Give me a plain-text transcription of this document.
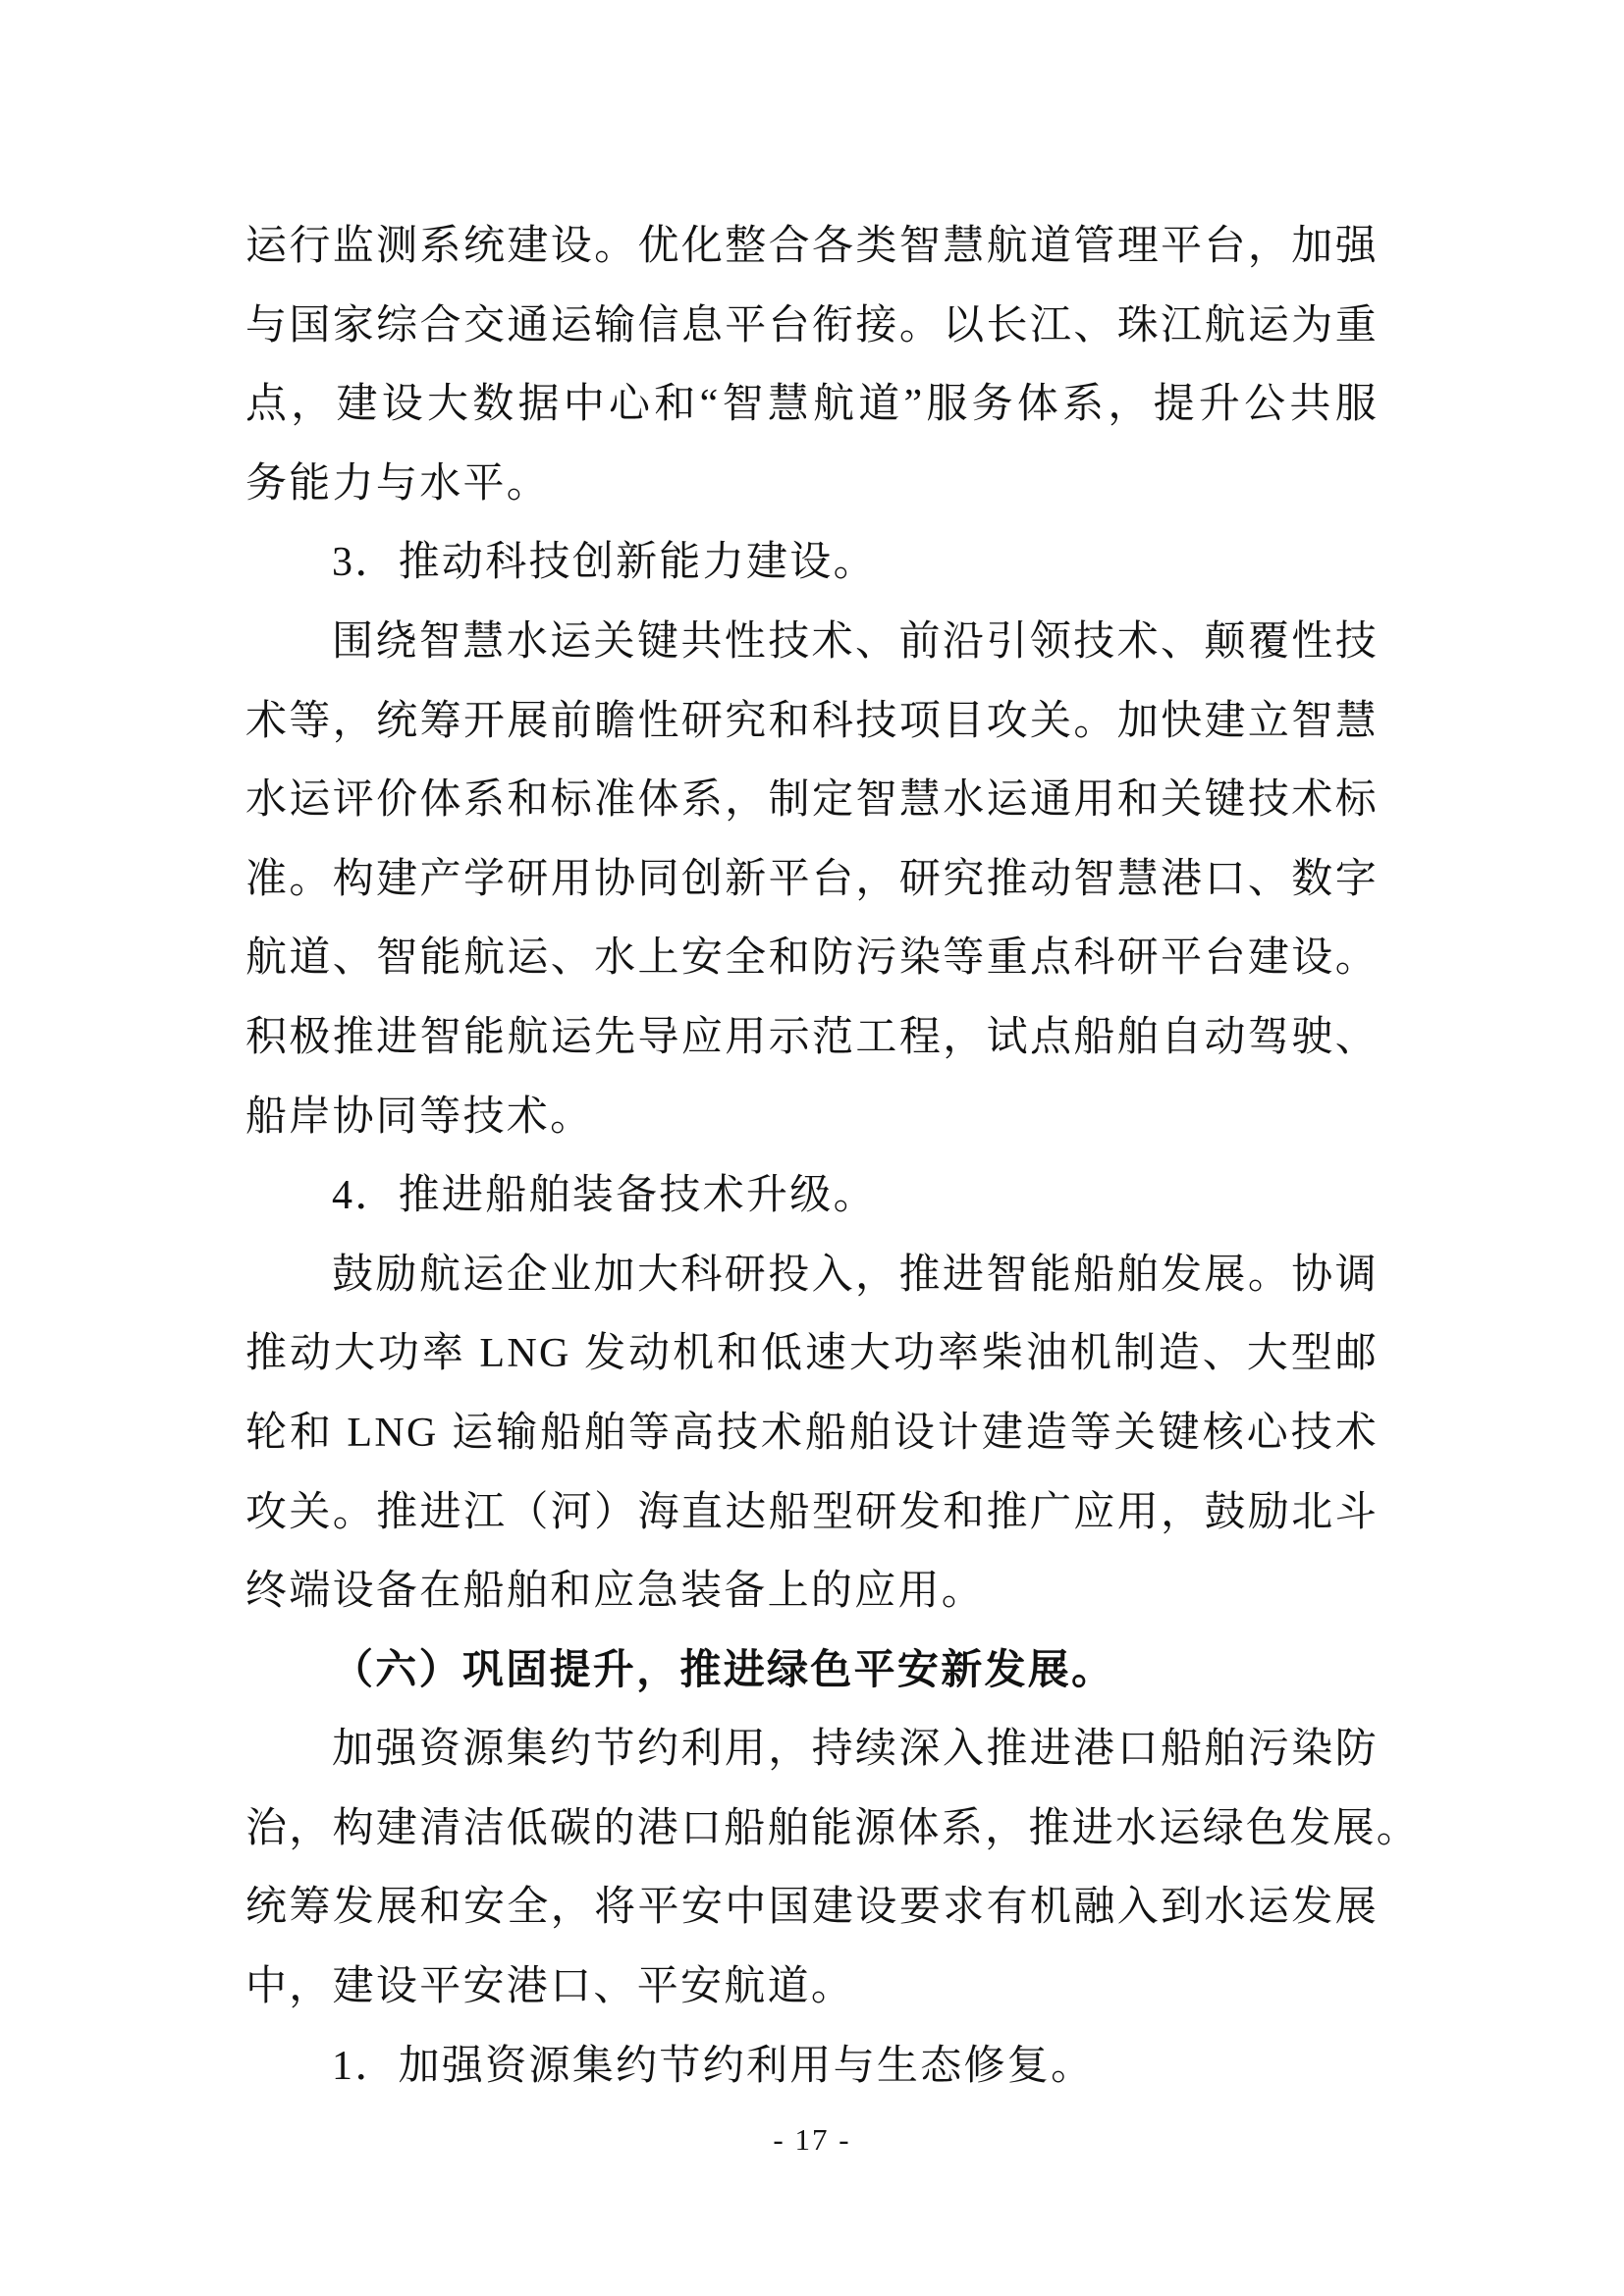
运行监测系统建设。优化整合各类智慧航道管理平台，加强
与国家综合交通运输信息平台衔接。以长江、珠江航运为重
点，建设大数据中心和“智慧航道”服务体系，提升公共服
务能力与水平。
3．推动科技创新能力建设。
围绕智慧水运关键共性技术、前沿引领技术、颠覆性技
术等，统筹开展前瞻性研究和科技项目攻关。加快建立智慧
水运评价体系和标准体系，制定智慧水运通用和关键技术标
准。构建产学研用协同创新平台，研究推动智慧港口、数字
航道、智能航运、水上安全和防污染等重点科研平台建设。
积极推进智能航运先导应用示范工程，试点船舶自动驾驶、
船岸协同等技术。
4．推进船舶装备技术升级。
鼓励航运企业加大科研投入，推进智能船舶发展。协调
推动大功率 LNG 发动机和低速大功率柴油机制造、大型邮
轮和 LNG 运输船舶等高技术船舶设计建造等关键核心技术
攻关。推进江（河）海直达船型研发和推广应用，鼓励北斗
终端设备在船舶和应急装备上的应用。
（六）巩固提升，推进绿色平安新发展。
加强资源集约节约利用，持续深入推进港口船舶污染防
治，构建清洁低碳的港口船舶能源体系，推进水运绿色发展。
统筹发展和安全，将平安中国建设要求有机融入到水运发展
中，建设平安港口、平安航道。
1．加强资源集约节约利用与生态修复。
- 17 -
